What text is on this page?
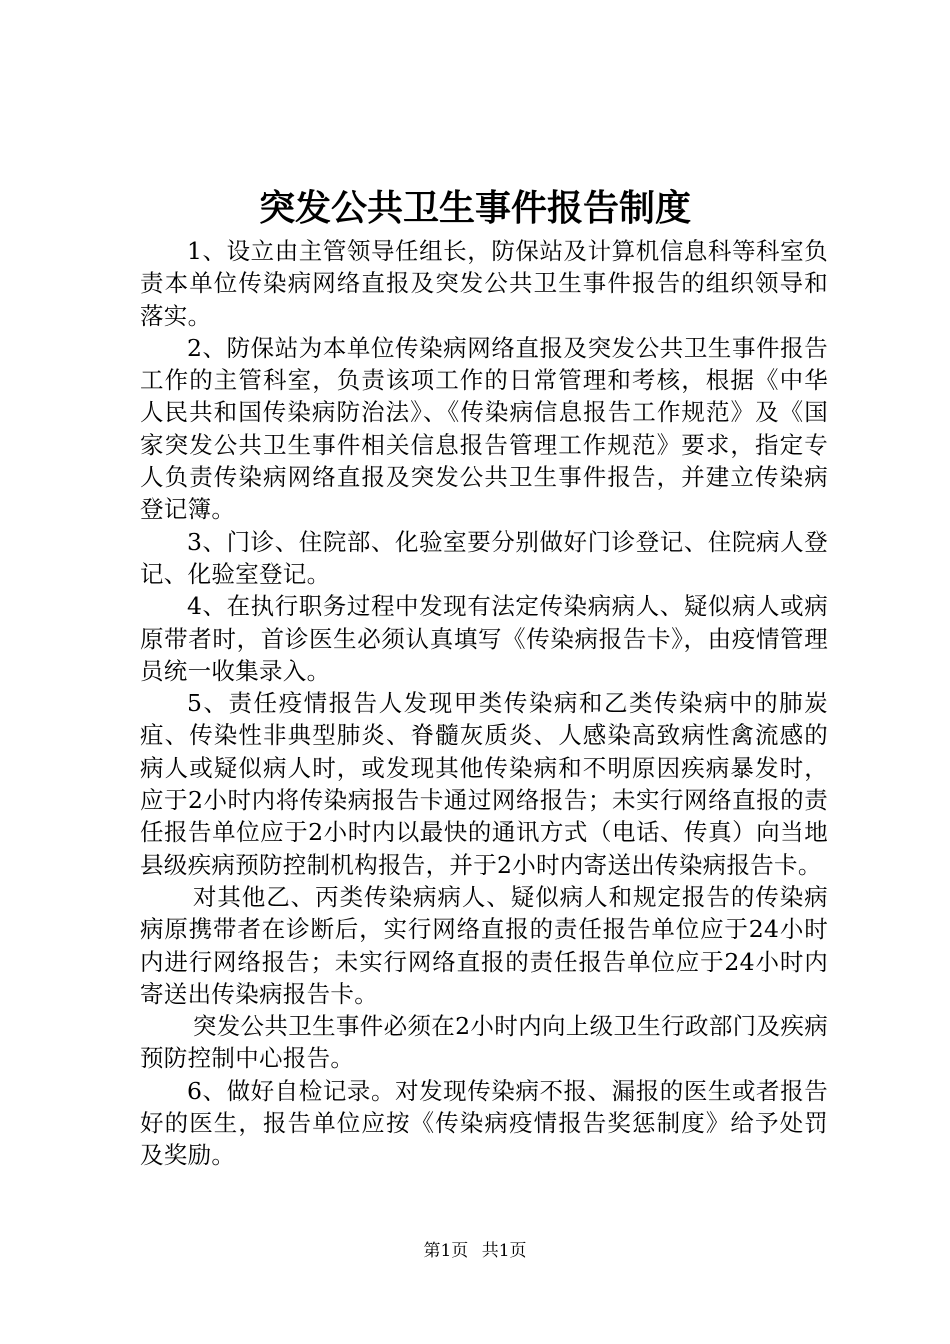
突发公共卫生事件报告制度

1、设立由主管领导任组长，防保站及计算机信息科等科室负责本单位传染病网络直报及突发公共卫生事件报告的组织领导和落实。

2、防保站为本单位传染病网络直报及突发公共卫生事件报告工作的主管科室，负责该项工作的日常管理和考核，根据《中华人民共和国传染病防治法》、《传染病信息报告工作规范》及《国家突发公共卫生事件相关信息报告管理工作规范》要求，指定专人负责传染病网络直报及突发公共卫生事件报告，并建立传染病登记簿。

3、门诊、住院部、化验室要分别做好门诊登记、住院病人登记、化验室登记。

4、在执行职务过程中发现有法定传染病病人、疑似病人或病原带者时，首诊医生必须认真填写《传染病报告卡》，由疫情管理员统一收集录入。

5、责任疫情报告人发现甲类传染病和乙类传染病中的肺炭疽、传染性非典型肺炎、脊髓灰质炎、人感染高致病性禽流感的病人或疑似病人时，或发现其他传染病和不明原因疾病暴发时，应于2小时内将传染病报告卡通过网络报告；未实行网络直报的责任报告单位应于2小时内以最快的通讯方式（电话、传真）向当地县级疾病预防控制机构报告，并于2小时内寄送出传染病报告卡。

对其他乙、丙类传染病病人、疑似病人和规定报告的传染病病原携带者在诊断后，实行网络直报的责任报告单位应于24小时内进行网络报告；未实行网络直报的责任报告单位应于24小时内寄送出传染病报告卡。

突发公共卫生事件必须在2小时内向上级卫生行政部门及疾病预防控制中心报告。

6、做好自检记录。对发现传染病不报、漏报的医生或者报告好的医生，报告单位应按《传染病疫情报告奖惩制度》给予处罚及奖励。

第1页 共1页
